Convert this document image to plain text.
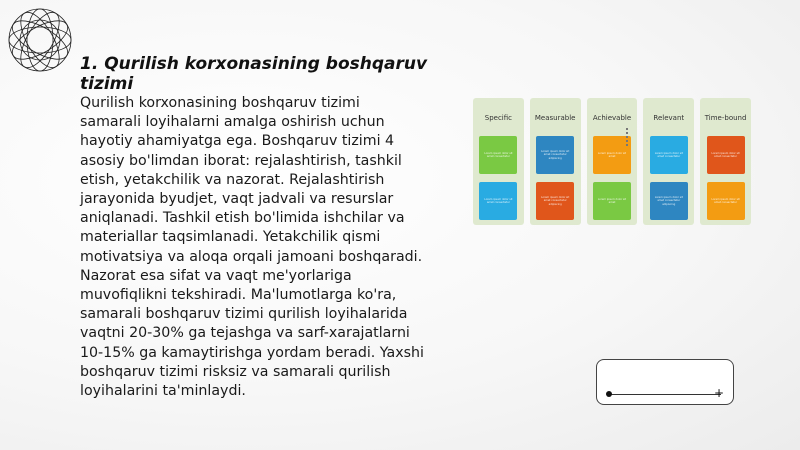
1. Qurilish korxonasining boshqaruv tizimi
Qurilish korxonasining boshqaruv tizimi samarali loyihalarni amalga oshirish uchun hayotiy ahamiyatga ega. Boshqaruv tizimi 4 asosiy bo'limdan iborat: rejalashtirish, tashkil etish, yetakchilik va nazorat. Rejalashtirish jarayonida byudjet, vaqt jadvali va resurslar aniqlanadi. Tashkil etish bo'limida ishchilar va materiallar taqsimlanadi. Yetakchilik qismi motivatsiya va aloqa orqali jamoani boshqaradi. Nazorat esa sifat va vaqt me'yorlariga muvofiqlikni tekshiradi. Ma'lumotlarga ko'ra, samarali boshqaruv tizimi qurilish loyihalarida vaqtni 20-30% ga tejashga va sarf-xarajatlarni 10-15% ga kamaytirishga yordam beradi. Yaxshi boshqaruv tizimi risksiz va samarali qurilish loyihalarini ta'minlaydi.
Specific
Lorem ipsum dolor sit amet consectetur
Lorem ipsum dolor sit amet consectetur
Measurable
Lorem ipsum dolor sit amet consectetur adipiscing
Lorem ipsum dolor sit amet consectetur adipiscing
Achievable
Lorem ipsum dolor sit amet
Lorem ipsum dolor sit amet
Relevant
Lorem ipsum dolor sit amet consectetur
Lorem ipsum dolor sit amet consectetur adipiscing
Time-bound
Lorem ipsum dolor sit amet consectetur
Lorem ipsum dolor sit amet consectetur
+
